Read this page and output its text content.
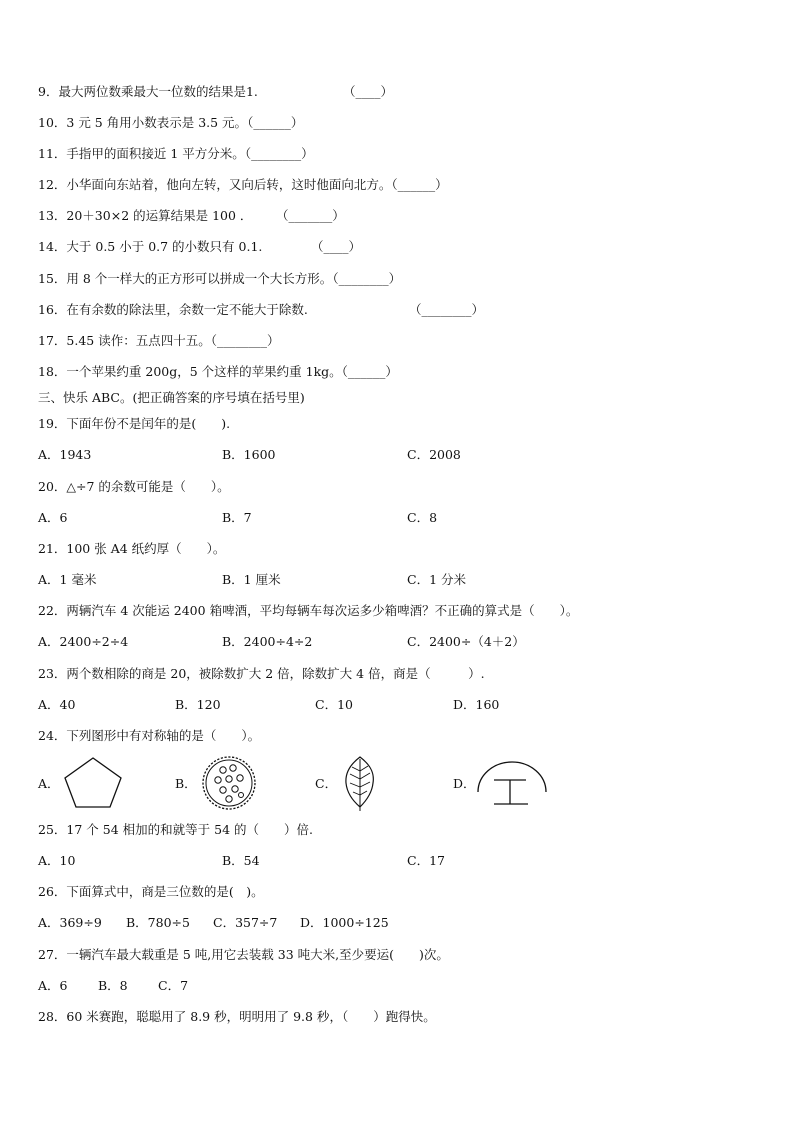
9．最大两位数乘最大一位数的结果是1.	（____）
10．3 元 5 角用小数表示是 3.5 元。（______）
11．手指甲的面积接近 1 平方分米。（________）
12．小华面向东站着，他向左转，又向后转，这时他面向北方。（______）
13．20＋30×2 的运算结果是 100 ． （_______）
14．大于 0.5 小于 0.7 的小数只有 0.1.	（____）
15．用 8 个一样大的正方形可以拼成一个大长方形。（________）
16．在有余数的除法里，余数一定不能大于除数.	（________）
17．5.45 读作：五点四十五。（________）
18．一个苹果约重 200g，5 个这样的苹果约重 1kg。（______）
三、快乐 ABC。(把正确答案的序号填在括号里)
19．下面年份不是闰年的是(　　).
A．1943	B．1600	C．2008
20．△÷7 的余数可能是（　　）。
A．6	B．7	C．8
21．100 张 A4 纸约厚（　　）。
A．1 毫米	B．1 厘米	C．1 分米
22．两辆汽车 4 次能运 2400 箱啤酒，平均每辆车每次运多少箱啤酒？不正确的算式是（　　）。
A．2400÷2÷4	B．2400÷4÷2	C．2400÷（4＋2）
23．两个数相除的商是 20，被除数扩大 2 倍，除数扩大 4 倍，商是（　　　）.
A．40	B．120	C．10	D．160
24．下列图形中有对称轴的是（　　）。
A．	B．	C．	D．
25．17 个 54 相加的和就等于 54 的（　　）倍.
A．10	B．54	C．17
26．下面算式中，商是三位数的是(　)。
A．369÷9 B．780÷5 C．357÷7 D．1000÷125
27．一辆汽车最大载重是 5 吨,用它去装载 33 吨大米,至少要运(　　)次。
A．6 B．8 C．7
28．60 米赛跑，聪聪用了 8.9 秒，明明用了 9.8 秒，（　　）跑得快。
